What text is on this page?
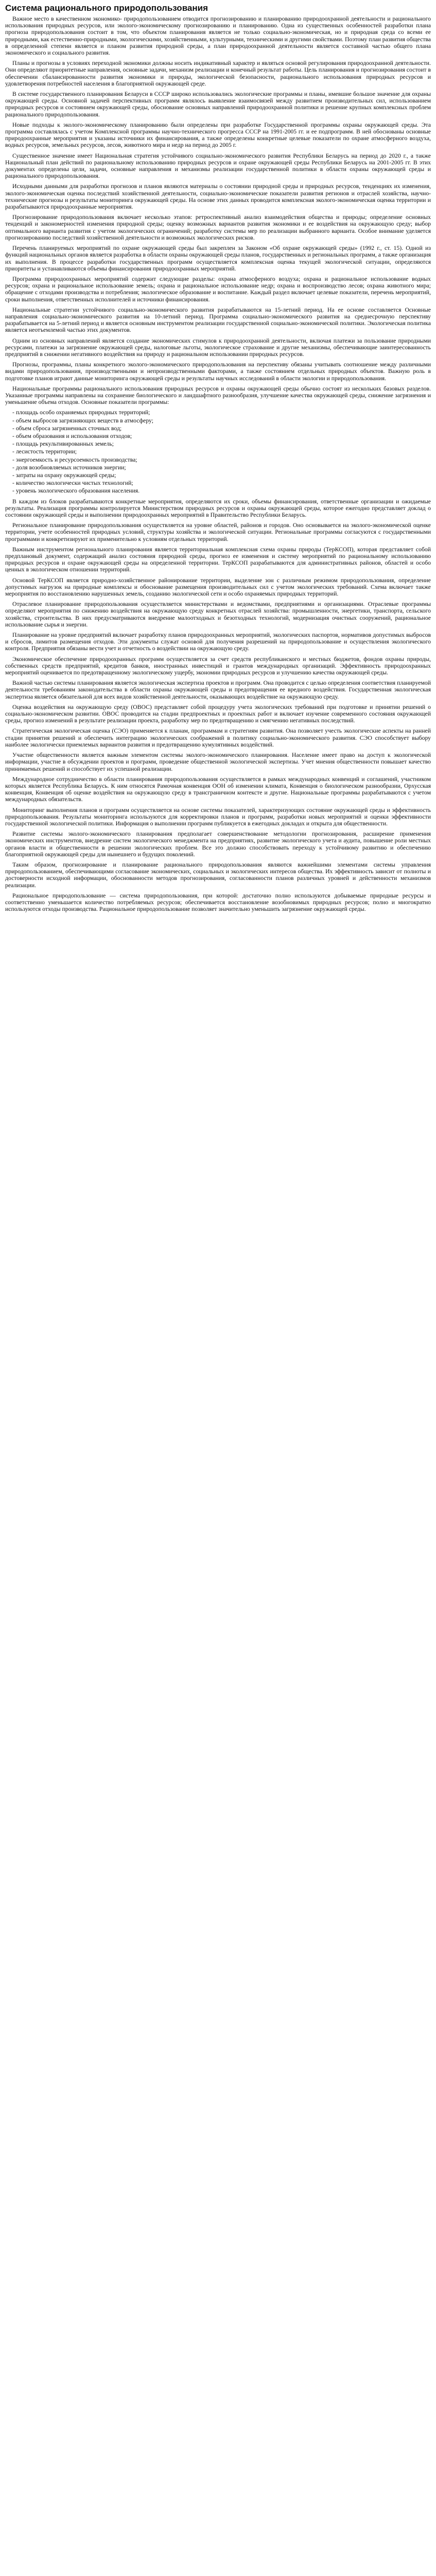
Система рационального природопользования

Важное место в качественном экономико- природопользованием отводится прогнозированию и планированию природоохранной деятельности и рационального использования природных ресурсов, или эколого-экономическому прогнозированию и планированию. Одна из существенных особенностей разработки плана прогноза природопользования состоит в том, что объектом планирования является не только социально-экономическая, но и природная среда со всеми ее природными, как естественно-природными, экологическими, хозяйственными, культурными, техническими и другими свойствами. Поэтому план развития общества в определенной степени является и планом развития природной среды, а план природоохранной деятельности является составной частью общего плана экономического и социального развития.

Планы и прогнозы в условиях переходной экономики должны носить индикативный характер и являться основой регулирования природоохранной деятельности. Они определяют приоритетные направления, основные задачи, механизм реализации и конечный результат работы. Цель планирования и прогнозирования состоит в обеспечении сбалансированности развития экономики и природы, экологической безопасности, рационального использования природных ресурсов и удовлетворения потребностей населения в благоприятной окружающей среде.

В системе государственного планирования Беларуси в СССР широко использовались экологические программы и планы, имевшие большое значение для охраны окружающей среды. Основной задачей перспективных программ являлось выявление взаимосвязей между развитием производительных сил, использованием природных ресурсов и состоянием окружающей среды, обоснование основных направлений природоохранной политики и решение крупных комплексных проблем рационального природопользования.

Новые подходы к эколого-экономическому планированию были определены при разработке Государственной программы охраны окружающей среды. Эта программа составлялась с учетом Комплексной программы научно-технического прогресса СССР на 1991-2005 гг. и ее подпрограмм. В ней обоснованы основные природоохранные мероприятия и указаны источники их финансирования, а также определены конкретные целевые показатели по охране атмосферного воздуха, водных ресурсов, земельных ресурсов, лесов, животного мира и недр на период до 2005 г.

Существенное значение имеет Национальная стратегия устойчивого социально-экономического развития Республики Беларусь на период до 2020 г., а также Национальный план действий по рациональному использованию природных ресурсов и охране окружающей среды Республики Беларусь на 2001-2005 гг. В этих документах определены цели, задачи, основные направления и механизмы реализации государственной политики в области охраны окружающей среды и рационального природопользования.

Исходными данными для разработки прогнозов и планов являются материалы о состоянии природной среды и природных ресурсов, тенденциях их изменения, эколого-экономическая оценка последствий хозяйственной деятельности, социально-экономические показатели развития регионов и отраслей хозяйства, научно-технические прогнозы и результаты мониторинга окружающей среды. На основе этих данных проводится комплексная эколого-экономическая оценка территории и разрабатываются природоохранные мероприятия.

Прогнозирование природопользования включает несколько этапов: ретроспективный анализ взаимодействия общества и природы; определение основных тенденций и закономерностей изменения природной среды; оценку возможных вариантов развития экономики и ее воздействия на окружающую среду; выбор оптимального варианта развития с учетом экологических ограничений; разработку системы мер по реализации выбранного варианта. Особое внимание уделяется прогнозированию последствий хозяйственной деятельности и возможных экологических рисков.

Перечень планируемых мероприятий по охране окружающей среды был закреплен за Законом «Об охране окружающей среды» (1992 г., ст. 15). Одной из функций национальных органов является разработка в области охраны окружающей среды планов, государственных и региональных программ, а также организация их выполнения. В процессе разработки государственных программ осуществляется комплексная оценка текущей экологической ситуации, определяются приоритеты и устанавливаются объемы финансирования природоохранных мероприятий.

Программа природоохранных мероприятий содержит следующие разделы: охрана атмосферного воздуха; охрана и рациональное использование водных ресурсов; охрана и рациональное использование земель; охрана и рациональное использование недр; охрана и воспроизводство лесов; охрана животного мира; обращение с отходами производства и потребления; экологическое образование и воспитание. Каждый раздел включает целевые показатели, перечень мероприятий, сроки выполнения, ответственных исполнителей и источники финансирования.

Национальные стратегии устойчивого социально-экономического развития разрабатываются на 15-летний период. На ее основе составляется Основные направления социально-экономического развития на 10-летний период. Программа социально-экономического развития на среднесрочную перспективу разрабатывается на 5-летний период и является основным инструментом реализации государственной социально-экономической политики. Экологическая политика является неотъемлемой частью этих документов.

Одним из основных направлений является создание экономических стимулов к природоохранной деятельности, включая платежи за пользование природными ресурсами, платежи за загрязнение окружающей среды, налоговые льготы, экологическое страхование и другие механизмы, обеспечивающие заинтересованность предприятий в снижении негативного воздействия на природу и рациональном использовании природных ресурсов.

Прогнозы, программы, планы конкретного эколого-экономического природопользования на перспективу обязаны учитывать соотношение между различными видами природопользования, производственными и непроизводственными факторами, а также состоянием отдельных природных объектов. Важную роль в подготовке планов играют данные мониторинга окружающей среды и результаты научных исследований в области экологии и природопользования.

Национальные программы рационального использования природных ресурсов и охраны окружающей среды обычно состоят из нескольких базовых разделов. Указанные программы направлены на сохранение биологического и ландшафтного разнообразия, улучшение качества окружающей среды, снижение загрязнения и уменьшение объема отходов. Основные показатели программы:

- площадь особо охраняемых природных территорий;
- объем выбросов загрязняющих веществ в атмосферу;
- объем сброса загрязненных сточных вод;
- объем образования и использования отходов;
- площадь рекультивированных земель;
- лесистость территории;
- энергоемкость и ресурсоемкость производства;
- доля возобновляемых источников энергии;
- затраты на охрану окружающей среды;
- количество экологически чистых технологий;
- уровень экологического образования населения.

В каждом из блоков разрабатываются конкретные мероприятия, определяются их сроки, объемы финансирования, ответственные организации и ожидаемые результаты. Реализация программы контролируется Министерством природных ресурсов и охраны окружающей среды, которое ежегодно представляет доклад о состоянии окружающей среды и выполнении природоохранных мероприятий в Правительство Республики Беларусь.

Региональное планирование природопользования осуществляется на уровне областей, районов и городов. Оно основывается на эколого-экономической оценке территории, учете особенностей природных условий, структуры хозяйства и экологической ситуации. Региональные программы согласуются с государственными программами и конкретизируют их применительно к условиям отдельных территорий.

Важным инструментом регионального планирования является территориальная комплексная схема охраны природы (ТерКСОП), которая представляет собой предплановый документ, содержащий анализ состояния природной среды, прогноз ее изменения и систему мероприятий по рациональному использованию природных ресурсов и охране окружающей среды на определенной территории. ТерКСОП разрабатываются для административных районов, областей и особо ценных в экологическом отношении территорий.

Основой ТерКСОП является природно-хозяйственное районирование территории, выделение зон с различным режимом природопользования, определение допустимых нагрузок на природные комплексы и обоснование размещения производительных сил с учетом экологических требований. Схема включает также мероприятия по восстановлению нарушенных земель, созданию экологической сети и особо охраняемых природных территорий.

Отраслевое планирование природопользования осуществляется министерствами и ведомствами, предприятиями и организациями. Отраслевые программы определяют мероприятия по снижению воздействия на окружающую среду конкретных отраслей хозяйства: промышленности, энергетики, транспорта, сельского хозяйства, строительства. В них предусматриваются внедрение малоотходных и безотходных технологий, модернизация очистных сооружений, рациональное использование сырья и энергии.

Планирование на уровне предприятий включает разработку планов природоохранных мероприятий, экологических паспортов, нормативов допустимых выбросов и сбросов, лимитов размещения отходов. Эти документы служат основой для получения разрешений на природопользование и осуществления экологического контроля. Предприятия обязаны вести учет и отчетность о воздействии на окружающую среду.

Экономическое обеспечение природоохранных программ осуществляется за счет средств республиканского и местных бюджетов, фондов охраны природы, собственных средств предприятий, кредитов банков, иностранных инвестиций и грантов международных организаций. Эффективность природоохранных мероприятий оценивается по предотвращенному экологическому ущербу, экономии природных ресурсов и улучшению качества окружающей среды.

Важной частью системы планирования является экологическая экспертиза проектов и программ. Она проводится с целью определения соответствия планируемой деятельности требованиям законодательства в области охраны окружающей среды и предотвращения ее вредного воздействия. Государственная экологическая экспертиза является обязательной для всех видов хозяйственной деятельности, оказывающих воздействие на окружающую среду.

Оценка воздействия на окружающую среду (ОВОС) представляет собой процедуру учета экологических требований при подготовке и принятии решений о социально-экономическом развитии. ОВОС проводится на стадии предпроектных и проектных работ и включает изучение современного состояния окружающей среды, прогноз изменений в результате реализации проекта, разработку мер по предотвращению и смягчению негативных последствий.

Стратегическая экологическая оценка (СЭО) применяется к планам, программам и стратегиям развития. Она позволяет учесть экологические аспекты на ранней стадии принятия решений и обеспечить интеграцию экологических соображений в политику социально-экономического развития. СЭО способствует выбору наиболее экологически приемлемых вариантов развития и предотвращению кумулятивных воздействий.

Участие общественности является важным элементом системы эколого-экономического планирования. Население имеет право на доступ к экологической информации, участие в обсуждении проектов и программ, проведение общественной экологической экспертизы. Учет мнения общественности повышает качество принимаемых решений и способствует их успешной реализации.

Международное сотрудничество в области планирования природопользования осуществляется в рамках международных конвенций и соглашений, участником которых является Республика Беларусь. К ним относятся Рамочная конвенция ООН об изменении климата, Конвенция о биологическом разнообразии, Орхусская конвенция, Конвенция об оценке воздействия на окружающую среду в трансграничном контексте и другие. Национальные программы разрабатываются с учетом международных обязательств.

Мониторинг выполнения планов и программ осуществляется на основе системы показателей, характеризующих состояние окружающей среды и эффективность природопользования. Результаты мониторинга используются для корректировки планов и программ, разработки новых мероприятий и оценки эффективности государственной экологической политики. Информация о выполнении программ публикуется в ежегодных докладах и открыта для общественности.

Развитие системы эколого-экономического планирования предполагает совершенствование методологии прогнозирования, расширение применения экономических инструментов, внедрение систем экологического менеджмента на предприятиях, развитие экологического учета и аудита, повышение роли местных органов власти и общественности в решении экологических проблем. Все это должно способствовать переходу к устойчивому развитию и обеспечению благоприятной окружающей среды для нынешнего и будущих поколений.

Таким образом, прогнозирование и планирование рационального природопользования являются важнейшими элементами системы управления природопользованием, обеспечивающими согласование экономических, социальных и экологических интересов общества. Их эффективность зависит от полноты и достоверности исходной информации, обоснованности методов прогнозирования, согласованности планов различных уровней и действенности механизмов реализации.

Рациональное природопользование — система природопользования, при которой: достаточно полно используются добываемые природные ресурсы и соответственно уменьшается количество потребляемых ресурсов; обеспечивается восстановление возобновимых природных ресурсов; полно и многократно используются отходы производства. Рациональное природопользование позволяет значительно уменьшить загрязнение окружающей среды.
